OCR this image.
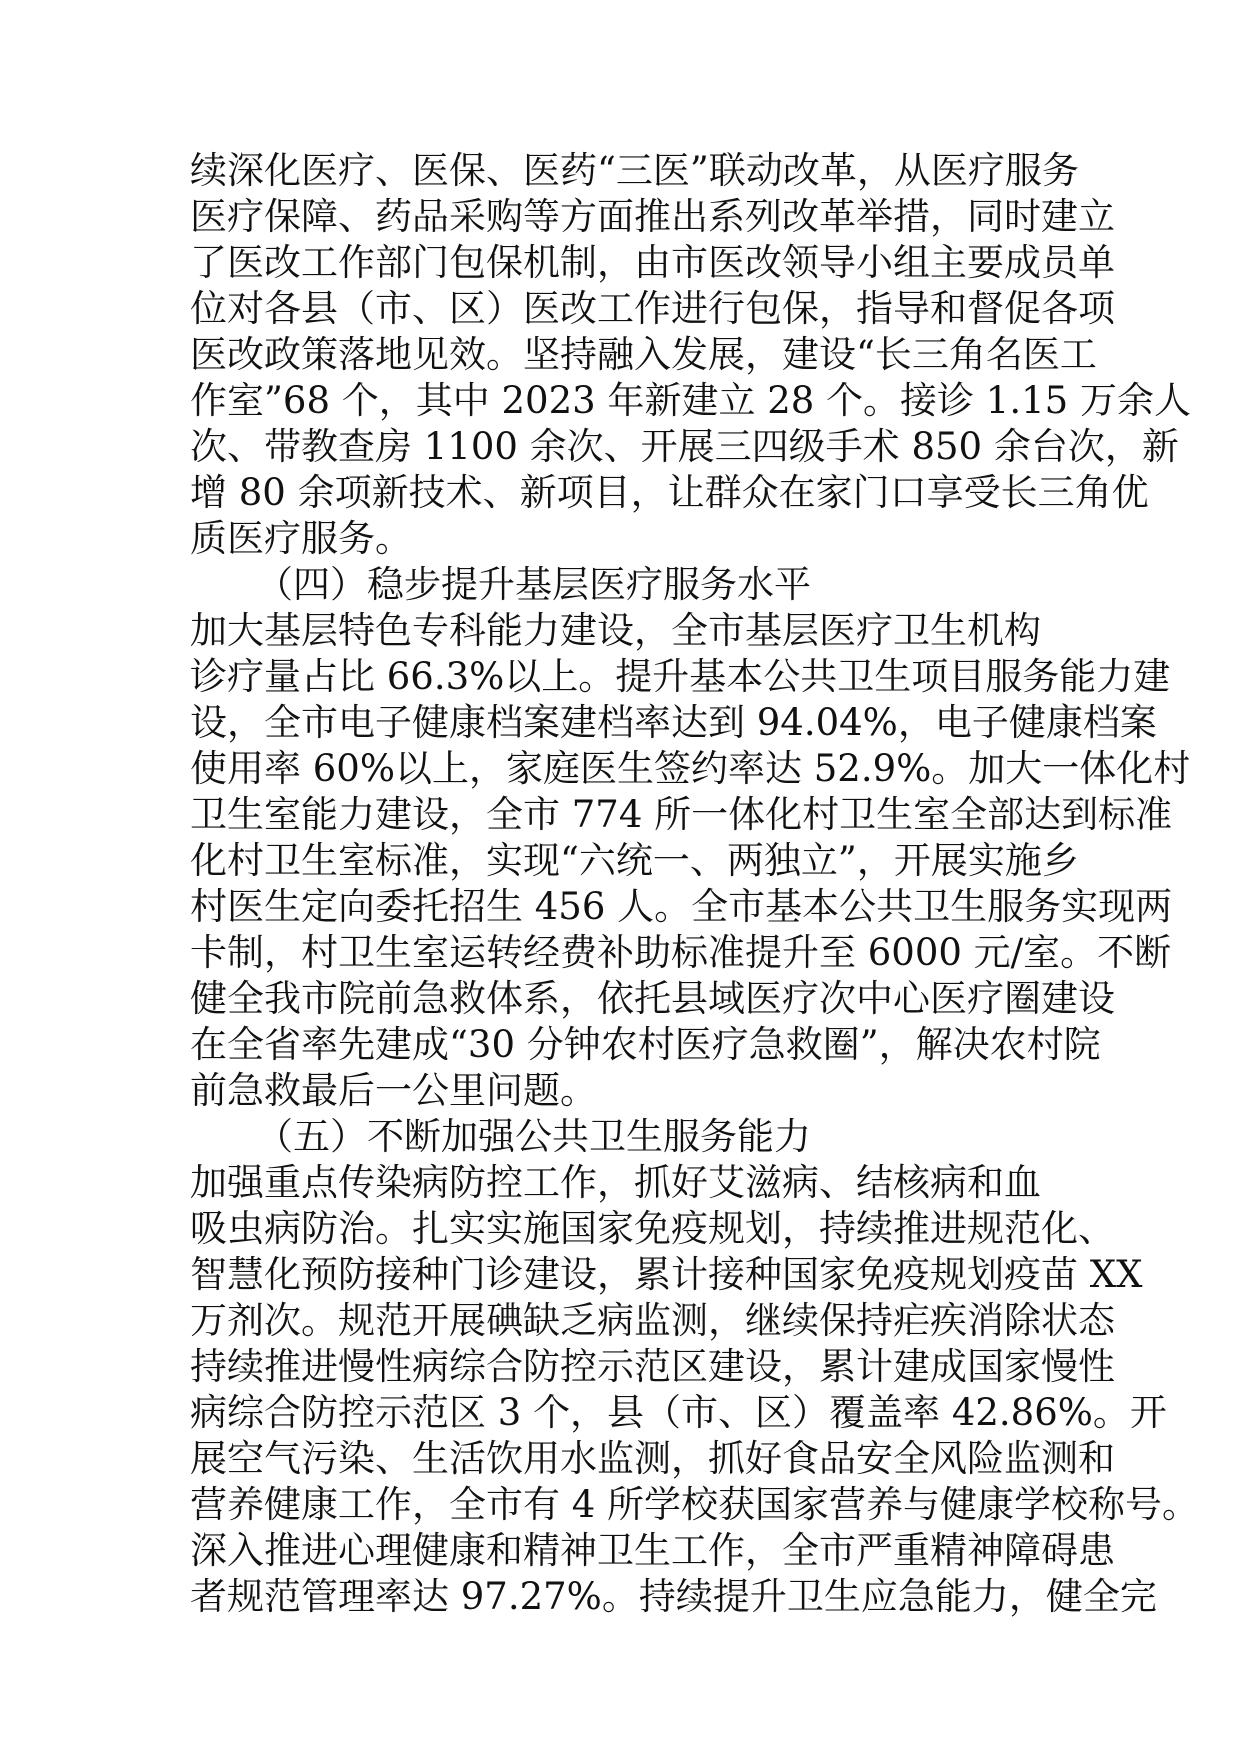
续深化医疗、医保、医药“三医”联动改革，从医疗服务
医疗保障、药品采购等方面推出系列改革举措，同时建立
了医改工作部门包保机制，由市医改领导小组主要成员单
位对各县（市、区）医改工作进行包保，指导和督促各项
医改政策落地见效。坚持融入发展，建设“长三角名医工
作室”68 个，其中 2023 年新建立 28 个。接诊 1.15 万余人
次、带教查房 1100 余次、开展三四级手术 850 余台次，新
增 80 余项新技术、新项目，让群众在家门口享受长三角优
质医疗服务。
（四）稳步提升基层医疗服务水平
加大基层特色专科能力建设，全市基层医疗卫生机构
诊疗量占比 66.3%以上。提升基本公共卫生项目服务能力建
设，全市电子健康档案建档率达到 94.04%，电子健康档案
使用率 60%以上，家庭医生签约率达 52.9%。加大一体化村
卫生室能力建设，全市 774 所一体化村卫生室全部达到标准
化村卫生室标准，实现“六统一、两独立”，开展实施乡
村医生定向委托招生 456 人。全市基本公共卫生服务实现两
卡制，村卫生室运转经费补助标准提升至 6000 元/室。不断
健全我市院前急救体系，依托县域医疗次中心医疗圈建设
在全省率先建成“30 分钟农村医疗急救圈”，解决农村院
前急救最后一公里问题。
（五）不断加强公共卫生服务能力
加强重点传染病防控工作，抓好艾滋病、结核病和血
吸虫病防治。扎实实施国家免疫规划，持续推进规范化、
智慧化预防接种门诊建设，累计接种国家免疫规划疫苗 XX
万剂次。规范开展碘缺乏病监测，继续保持疟疾消除状态
持续推进慢性病综合防控示范区建设，累计建成国家慢性
病综合防控示范区 3 个，县（市、区）覆盖率 42.86%。开
展空气污染、生活饮用水监测，抓好食品安全风险监测和
营养健康工作，全市有 4 所学校获国家营养与健康学校称号。
深入推进心理健康和精神卫生工作，全市严重精神障碍患
者规范管理率达 97.27%。持续提升卫生应急能力，健全完
